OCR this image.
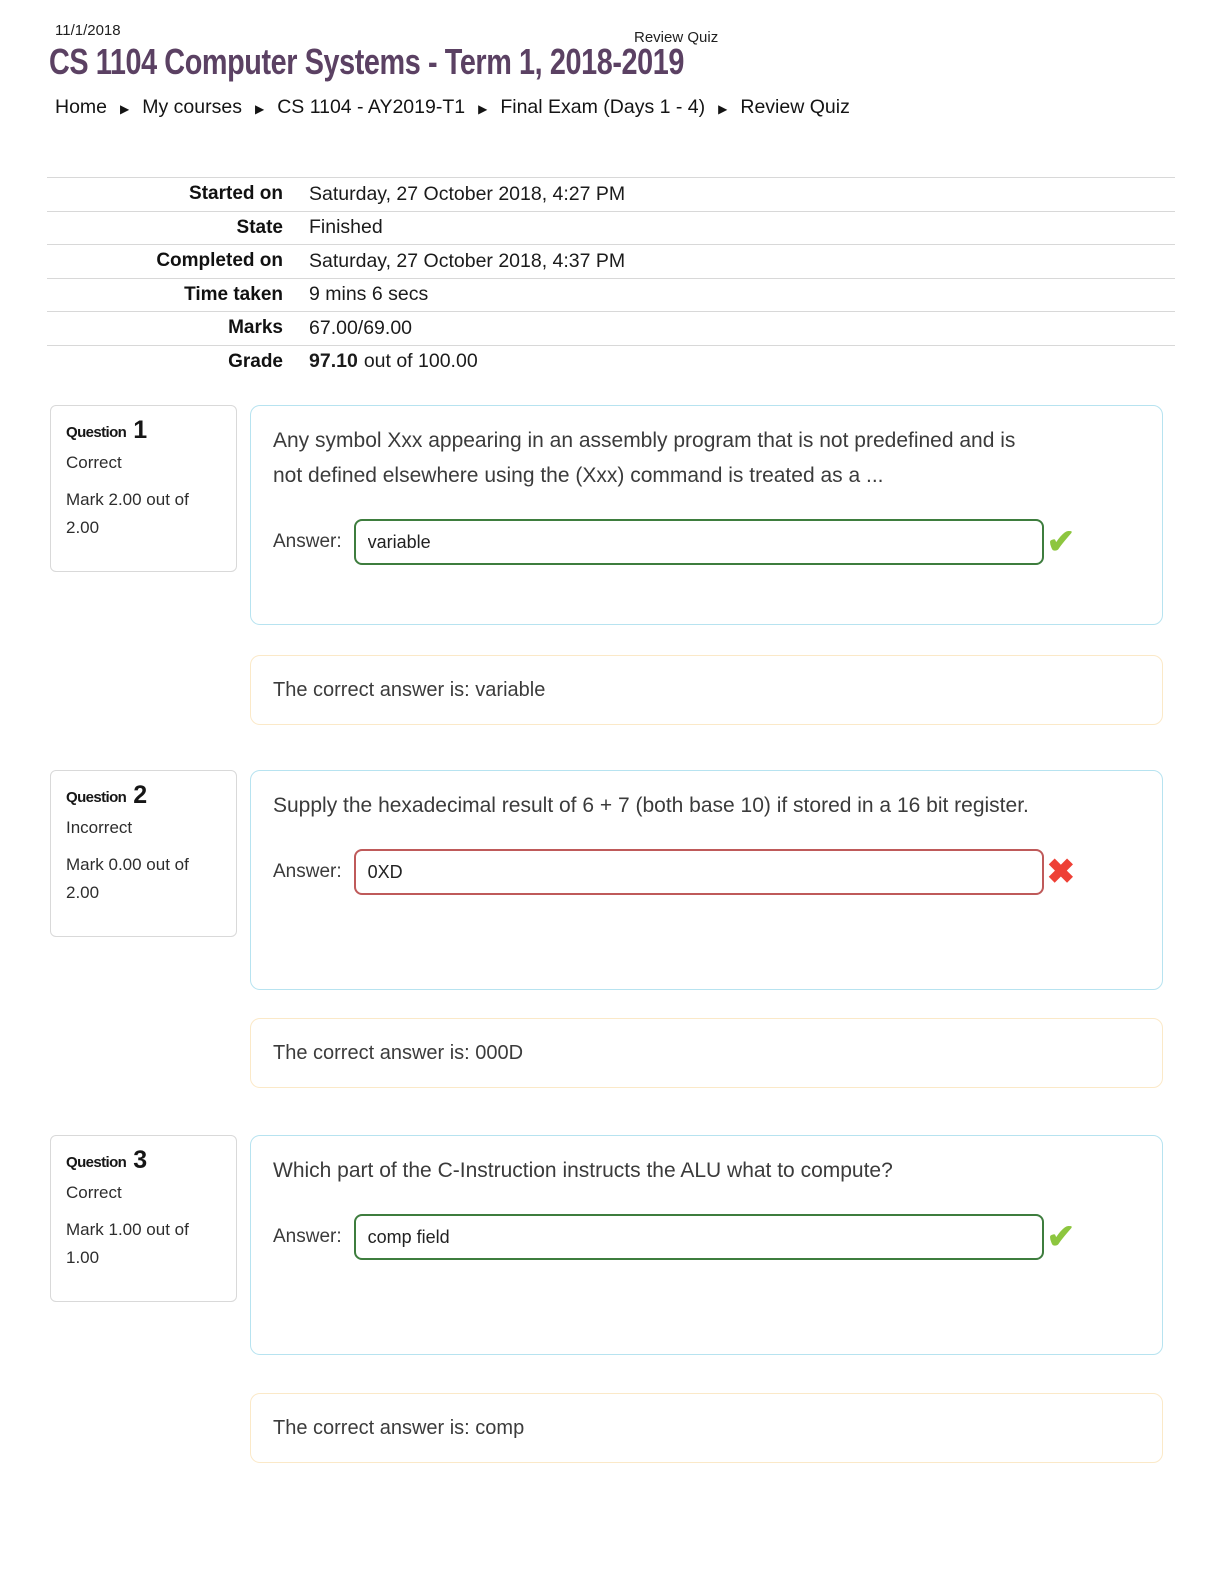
11/1/2018	Review Quiz
CS 1104 Computer Systems - Term 1, 2018-2019
Home ▶ My courses ▶ CS 1104 - AY2019-T1 ▶ Final Exam (Days 1 - 4) ▶ Review Quiz
Started on	Saturday, 27 October 2018, 4:27 PM
State	Finished
Completed on	Saturday, 27 October 2018, 4:37 PM
Time taken	9 mins 6 secs
Marks	67.00/69.00
Grade	97.10 out of 100.00
Question 1
Correct
Mark 2.00 out of 2.00
Any symbol Xxx appearing in an assembly program that is not predefined and is not defined elsewhere using the (Xxx) command is treated as a ...
Answer:
variable	✔
The correct answer is: variable
Question 2
Incorrect
Mark 0.00 out of 2.00
Supply the hexadecimal result of 6 + 7 (both base 10) if stored in a 16 bit register.
Answer:
0XD	✖
The correct answer is: 000D
Question 3
Correct
Mark 1.00 out of 1.00
Which part of the C-Instruction instructs the ALU what to compute?
Answer:
comp field	✔
The correct answer is: comp
